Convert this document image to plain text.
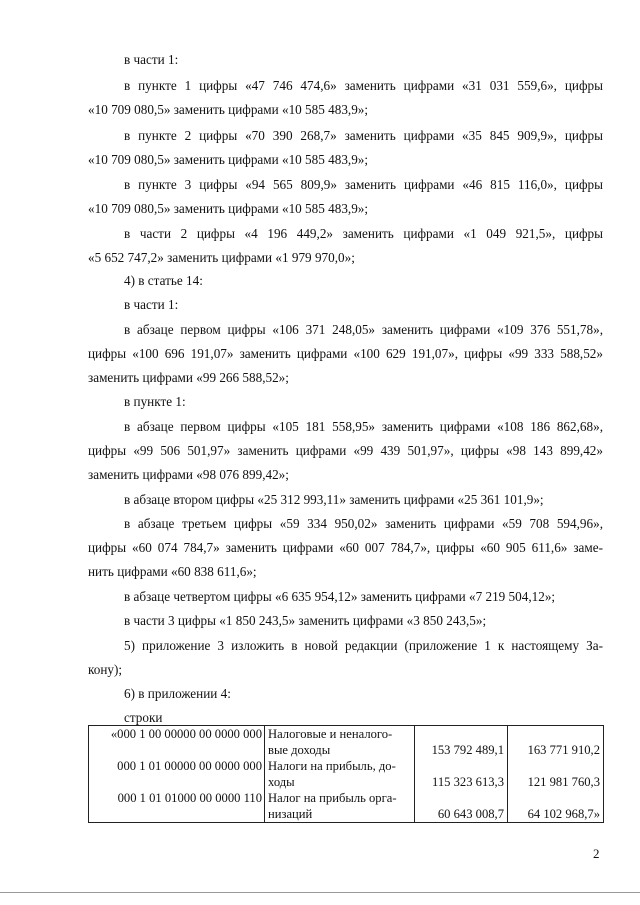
в части 1:

в пункте 1 цифры «47 746 474,6» заменить цифрами «31 031 559,6», цифры

«10 709 080,5» заменить цифрами «10 585 483,9»;

в пункте 2 цифры «70 390 268,7» заменить цифрами «35 845 909,9», цифры

«10 709 080,5» заменить цифрами «10 585 483,9»;

в пункте 3 цифры «94 565 809,9» заменить цифрами «46 815 116,0», цифры

«10 709 080,5» заменить цифрами «10 585 483,9»;

в части 2 цифры «4 196 449,2» заменить цифрами «1 049 921,5», цифры

«5 652 747,2» заменить цифрами «1 979 970,0»;

4) в статье 14:

в части 1:

в абзаце первом цифры «106 371 248,05» заменить цифрами «109 376 551,78»,

цифры «100 696 191,07» заменить цифрами «100 629 191,07», цифры «99 333 588,52»

заменить цифрами «99 266 588,52»;

в пункте 1:

в абзаце первом цифры «105 181 558,95» заменить цифрами «108 186 862,68»,

цифры «99 506 501,97» заменить цифрами «99 439 501,97», цифры «98 143 899,42»

заменить цифрами «98 076 899,42»;

в абзаце втором цифры «25 312 993,11» заменить цифрами «25 361 101,9»;

в абзаце третьем цифры «59 334 950,02» заменить цифрами «59 708 594,96»,

цифры «60 074 784,7» заменить цифрами «60 007 784,7», цифры «60 905 611,6» заме-

нить цифрами «60 838 611,6»;

в абзаце четвертом цифры «6 635 954,12» заменить цифрами «7 219 504,12»;

в части 3 цифры «1 850 243,5» заменить цифрами «3 850 243,5»;

5) приложение 3 изложить в новой редакции (приложение 1 к настоящему За-

кону);

6) в приложении 4:

строки

«000 1 00 00000 00 0000 000	Налоговые и неналого-
вые доходы	153 792 489,1	163 771 910,2
000 1 01 00000 00 0000 000	Налоги на прибыль, до-
ходы	115 323 613,3	121 981 760,3
000 1 01 01000 00 0000 110	Налог на прибыль орга-
низаций	60 643 008,7	64 102 968,7»
2
